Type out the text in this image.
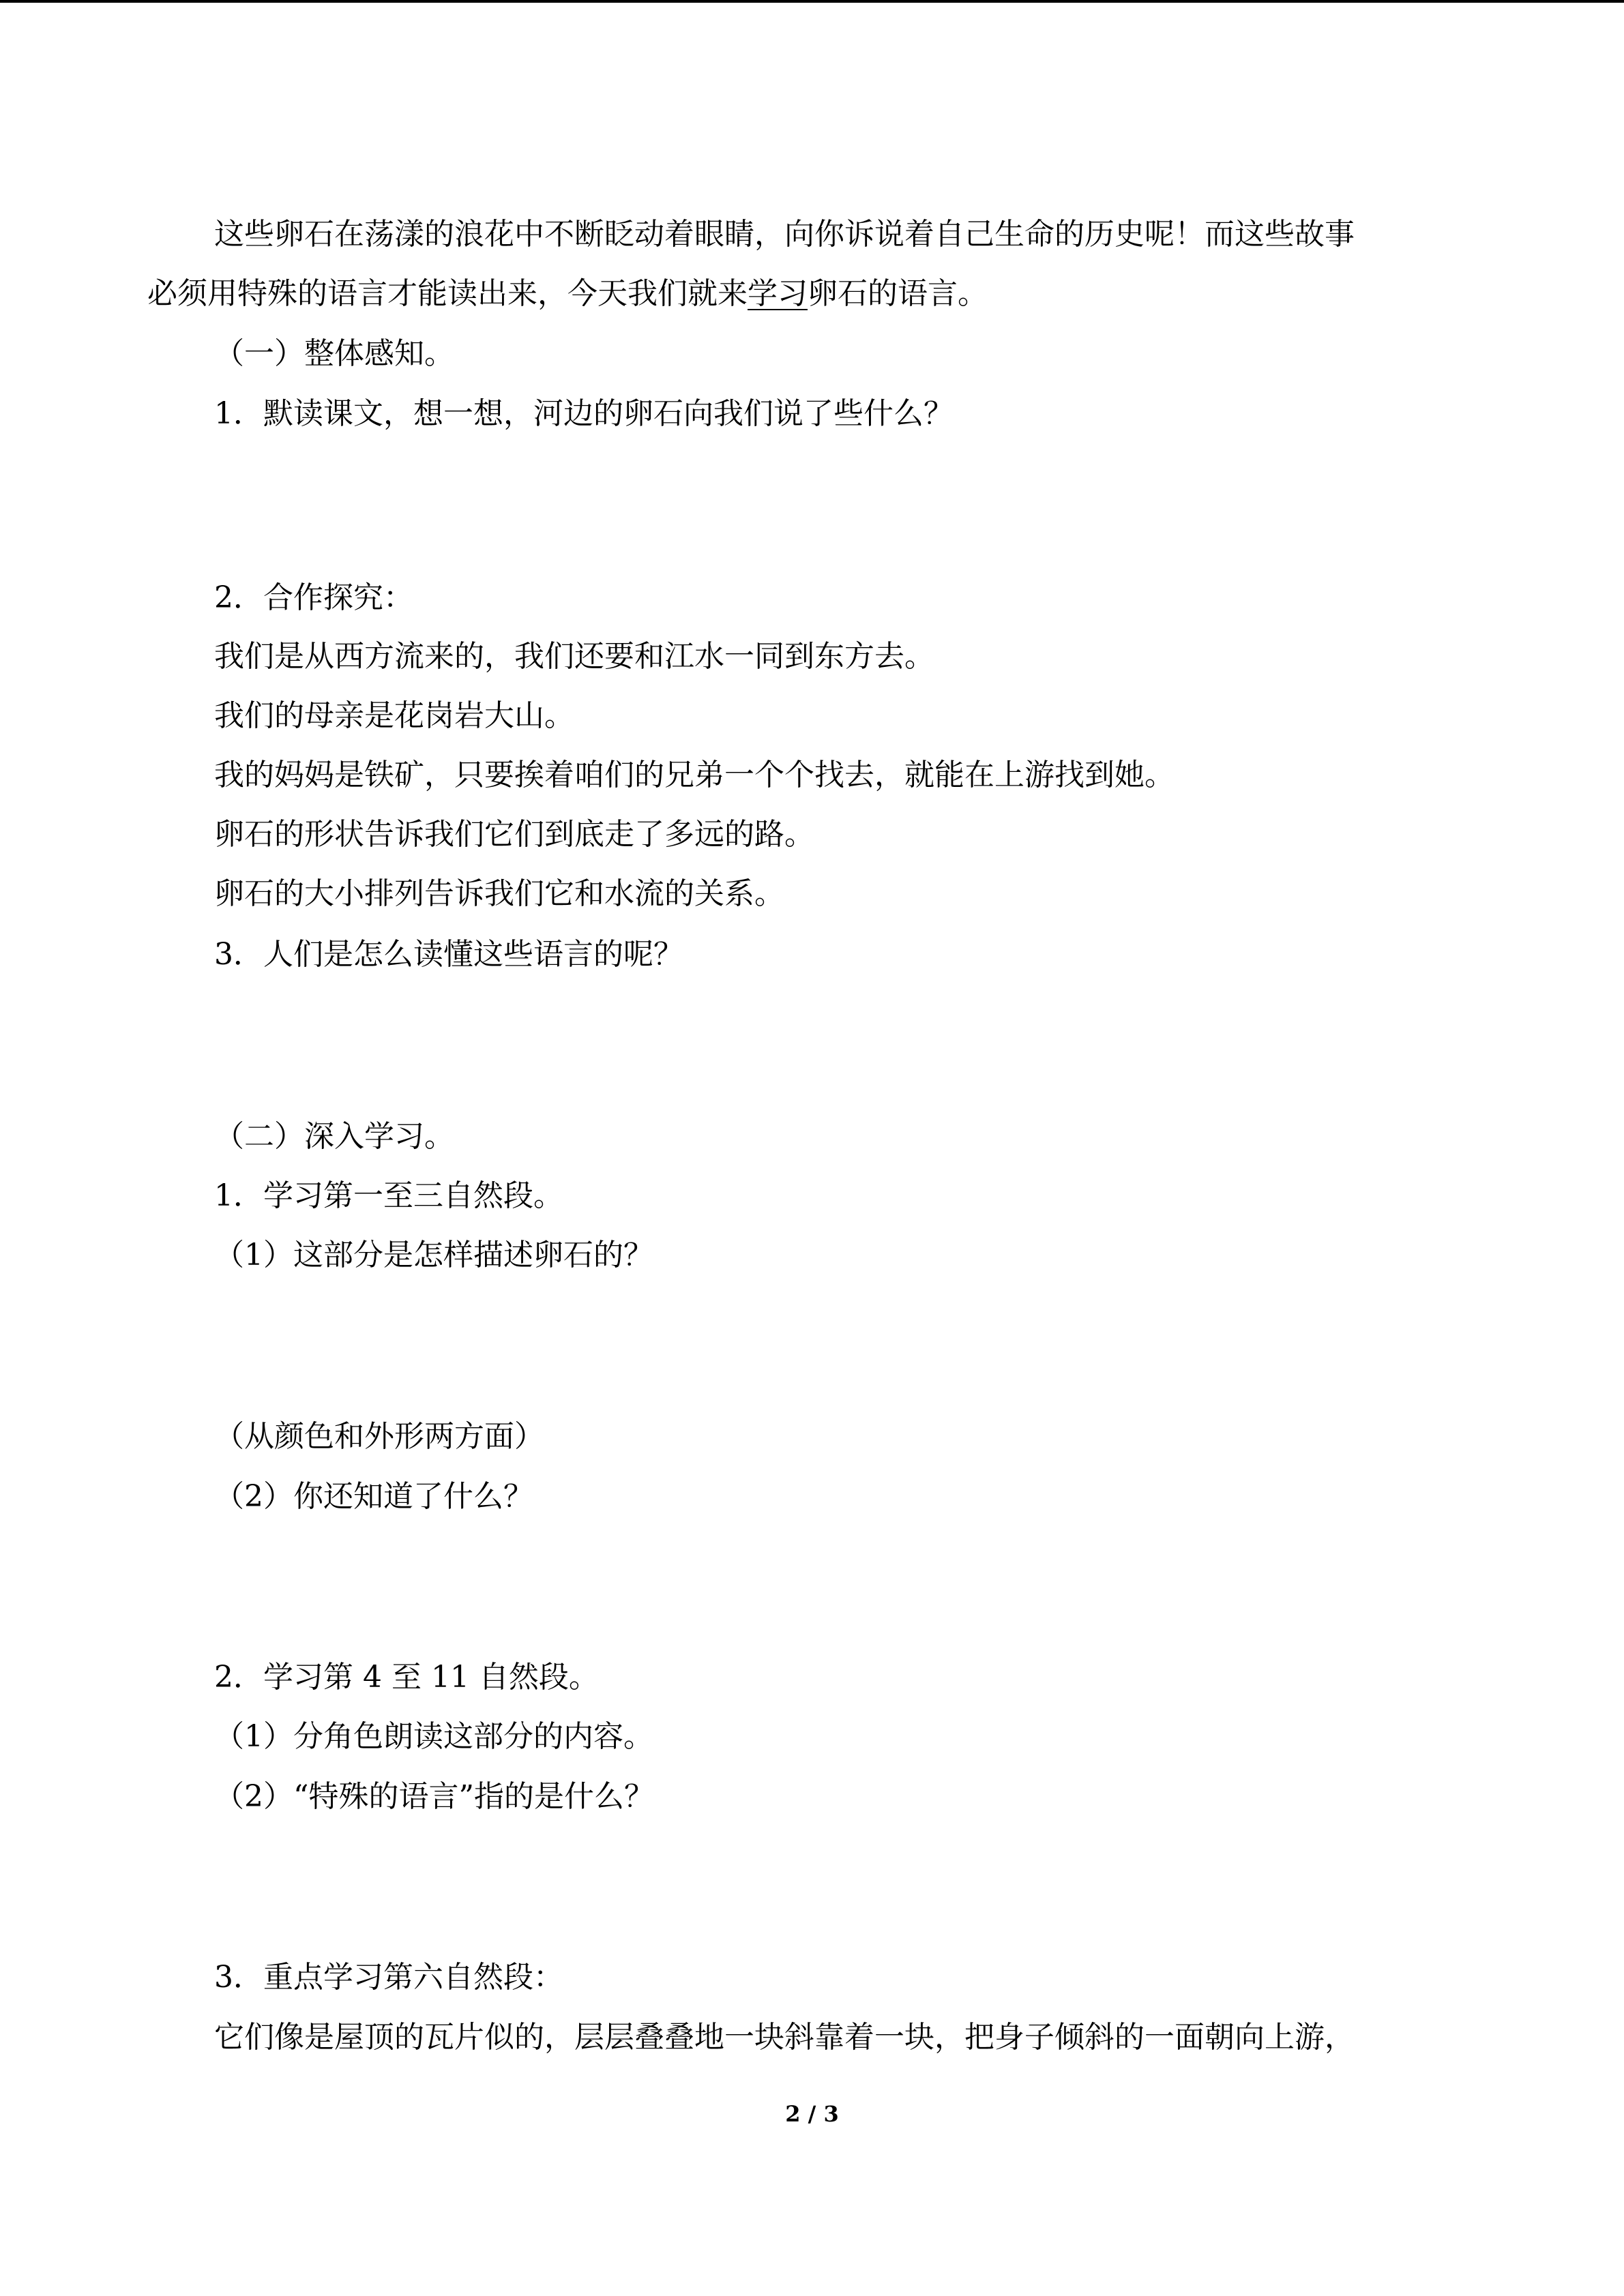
这些卵石在荡漾的浪花中不断眨动着眼睛，向你诉说着自己生命的历史呢！而这些故事
必须用特殊的语言才能读出来，今天我们就来学习卵石的语言。
（一）整体感知。
1．默读课文，想一想，河边的卵石向我们说了些什么？
2．合作探究：
我们是从西方流来的，我们还要和江水一同到东方去。
我们的母亲是花岗岩大山。
我的妈妈是铁矿，只要挨着咱们的兄弟一个个找去，就能在上游找到她。
卵石的形状告诉我们它们到底走了多远的路。
卵石的大小排列告诉我们它和水流的关系。
3．人们是怎么读懂这些语言的呢？
（二）深入学习。
1．学习第一至三自然段。
（1）这部分是怎样描述卵石的？
（从颜色和外形两方面）
（2）你还知道了什么？
2．学习第 4 至 11 自然段。
（1）分角色朗读这部分的内容。
（2）“特殊的语言”指的是什么？
3．重点学习第六自然段：
它们像是屋顶的瓦片似的，层层叠叠地一块斜靠着一块，把身子倾斜的一面朝向上游，
2 / 3
